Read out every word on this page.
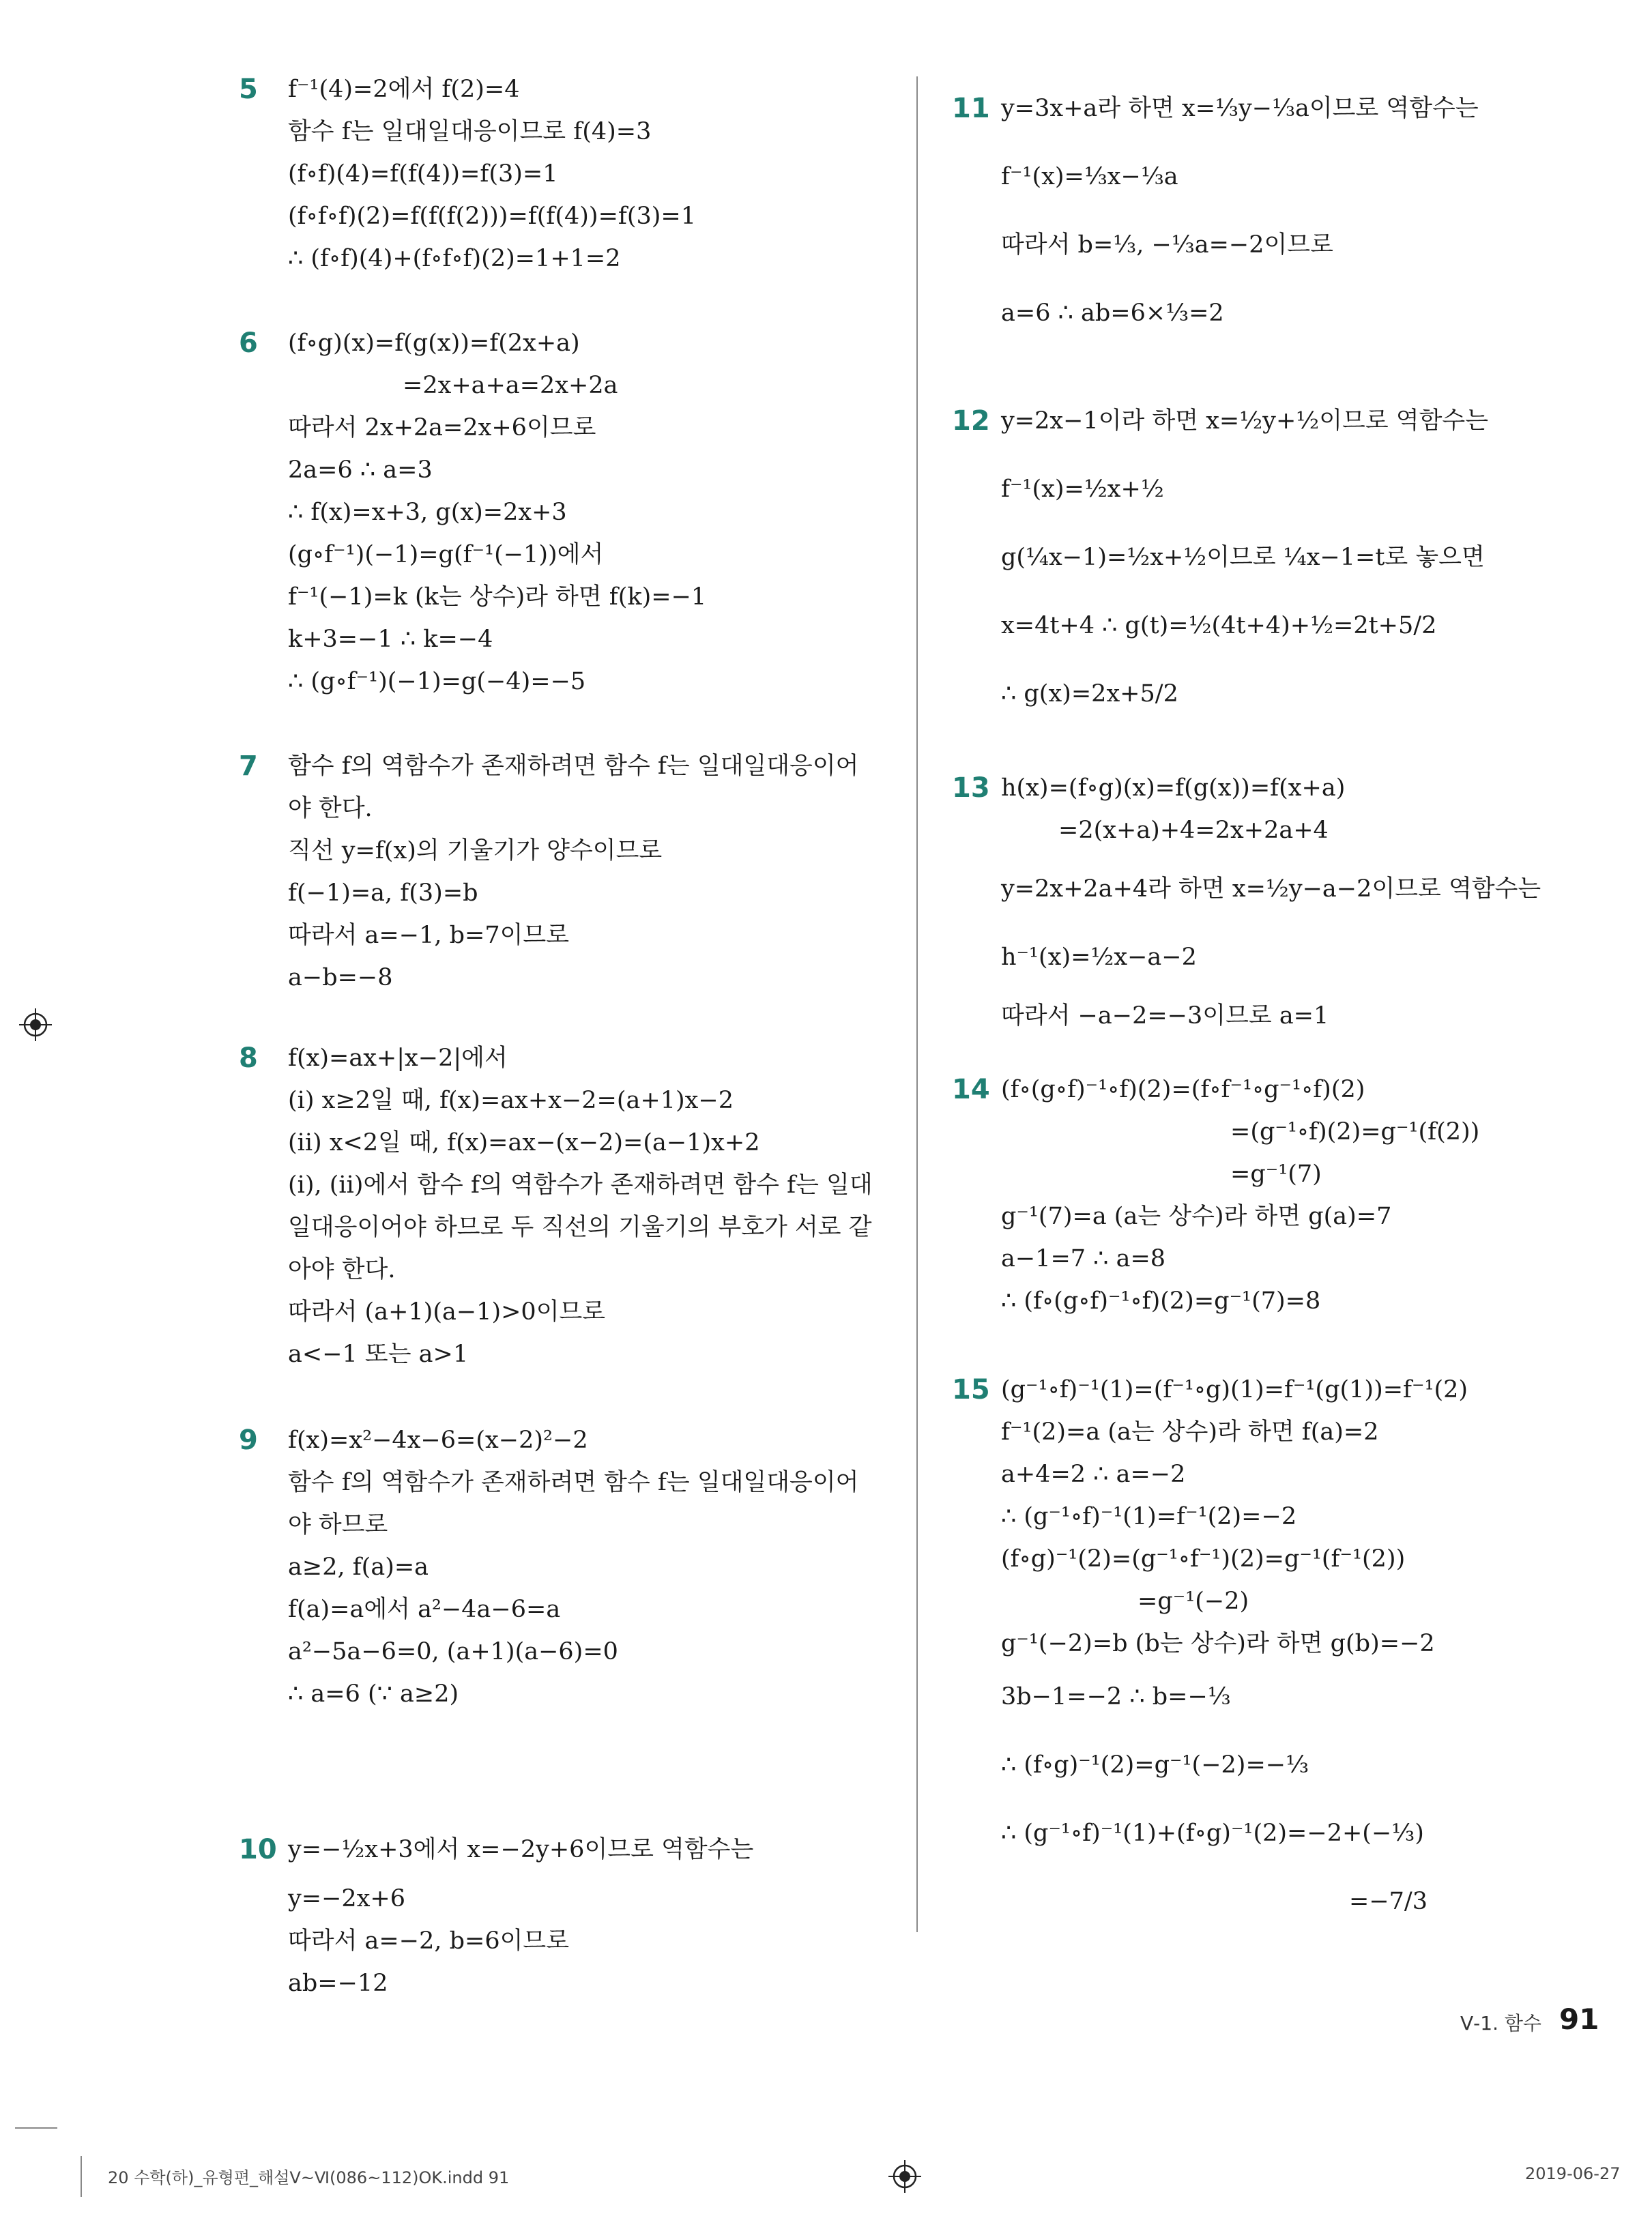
5 f⁻¹(4)=2에서 f(2)=4
함수 f는 일대일대응이므로 f(4)=3
(f∘f)(4)=f(f(4))=f(3)=1
(f∘f∘f)(2)=f(f(f(2)))=f(f(4))=f(3)=1
∴ (f∘f)(4)+(f∘f∘f)(2)=1+1=2
6 (f∘g)(x)=f(g(x))=f(2x+a)
=2x+a+a=2x+2a
따라서 2x+2a=2x+6이므로
2a=6 ∴ a=3
∴ f(x)=x+3, g(x)=2x+3
(g∘f⁻¹)(−1)=g(f⁻¹(−1))에서
f⁻¹(−1)=k (k는 상수)라 하면 f(k)=−1
k+3=−1 ∴ k=−4
∴ (g∘f⁻¹)(−1)=g(−4)=−5
7 함수 f의 역함수가 존재하려면 함수 f는 일대일대응이어
야 한다.
직선 y=f(x)의 기울기가 양수이므로
f(−1)=a, f(3)=b
따라서 a=−1, b=7이므로
a−b=−8
8 f(x)=ax+|x−2|에서
(i) x≥2일 때, f(x)=ax+x−2=(a+1)x−2
(ii) x<2일 때, f(x)=ax−(x−2)=(a−1)x+2
(i), (ii)에서 함수 f의 역함수가 존재하려면 함수 f는 일대
일대응이어야 하므로 두 직선의 기울기의 부호가 서로 같
아야 한다.
따라서 (a+1)(a−1)>0이므로
a<−1 또는 a>1
9 f(x)=x²−4x−6=(x−2)²−2
함수 f의 역함수가 존재하려면 함수 f는 일대일대응이어
야 하므로
a≥2, f(a)=a
f(a)=a에서 a²−4a−6=a
a²−5a−6=0, (a+1)(a−6)=0
∴ a=6 (∵ a≥2)
10 y=−½x+3에서 x=−2y+6이므로 역함수는
y=−2x+6
따라서 a=−2, b=6이므로
ab=−12
11 y=3x+a라 하면 x=⅓y−⅓a이므로 역함수는
f⁻¹(x)=⅓x−⅓a
따라서 b=⅓, −⅓a=−2이므로
a=6 ∴ ab=6×⅓=2
12 y=2x−1이라 하면 x=½y+½이므로 역함수는
f⁻¹(x)=½x+½
g(¼x−1)=½x+½이므로 ¼x−1=t로 놓으면
x=4t+4 ∴ g(t)=½(4t+4)+½=2t+5/2
∴ g(x)=2x+5/2
13 h(x)=(f∘g)(x)=f(g(x))=f(x+a)
=2(x+a)+4=2x+2a+4
y=2x+2a+4라 하면 x=½y−a−2이므로 역함수는
h⁻¹(x)=½x−a−2
따라서 −a−2=−3이므로 a=1
14 (f∘(g∘f)⁻¹∘f)(2)=(f∘f⁻¹∘g⁻¹∘f)(2)
=(g⁻¹∘f)(2)=g⁻¹(f(2))
=g⁻¹(7)
g⁻¹(7)=a (a는 상수)라 하면 g(a)=7
a−1=7 ∴ a=8
∴ (f∘(g∘f)⁻¹∘f)(2)=g⁻¹(7)=8
15 (g⁻¹∘f)⁻¹(1)=(f⁻¹∘g)(1)=f⁻¹(g(1))=f⁻¹(2)
f⁻¹(2)=a (a는 상수)라 하면 f(a)=2
a+4=2 ∴ a=−2
∴ (g⁻¹∘f)⁻¹(1)=f⁻¹(2)=−2
(f∘g)⁻¹(2)=(g⁻¹∘f⁻¹)(2)=g⁻¹(f⁻¹(2))
=g⁻¹(−2)
g⁻¹(−2)=b (b는 상수)라 하면 g(b)=−2
3b−1=−2 ∴ b=−⅓
∴ (f∘g)⁻¹(2)=g⁻¹(−2)=−⅓
∴ (g⁻¹∘f)⁻¹(1)+(f∘g)⁻¹(2)=−2+(−⅓)
=−7/3
Ⅴ-1. 함수 91
20 수학(하)_유형편_해설Ⅴ~Ⅵ(086~112)OK.indd 91	2019-06-27
